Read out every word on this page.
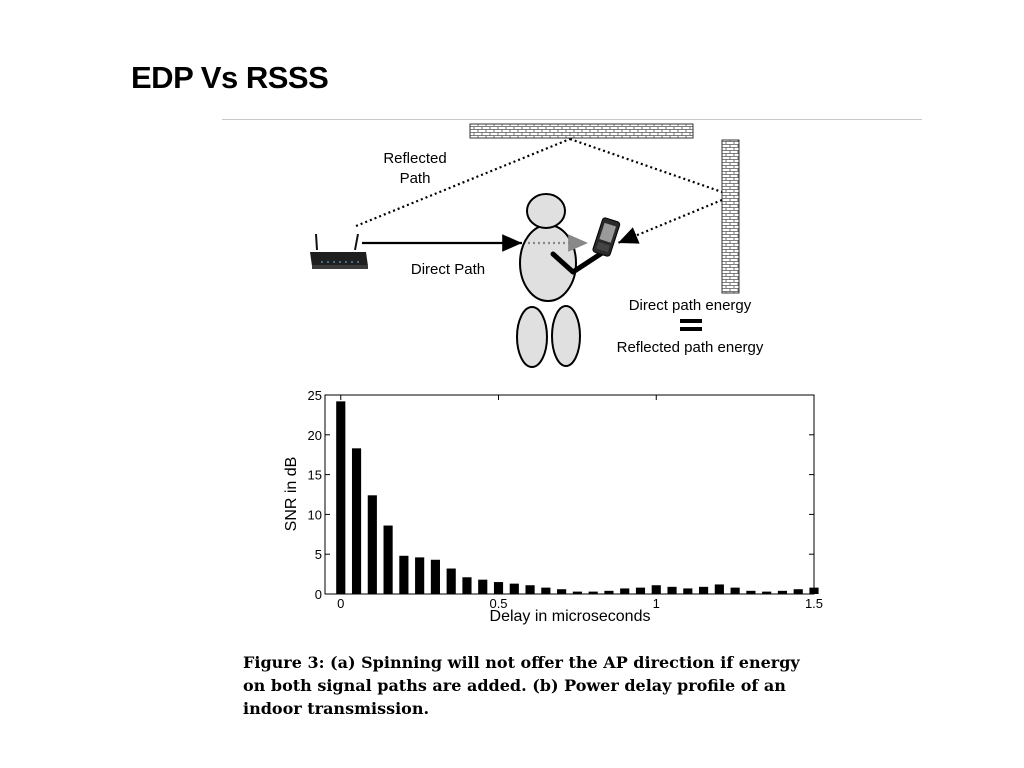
EDP Vs RSSS
Reflected
Path
Direct Path
Direct path energy
Reflected path energy
0
5
10
15
20
25
0	0.5	1	1.5
Delay in microseconds
SNR in dB

Figure 3: (a) Spinning will not offer the AP direction if energy
on both signal paths are added. (b) Power delay profile of an
indoor transmission.
